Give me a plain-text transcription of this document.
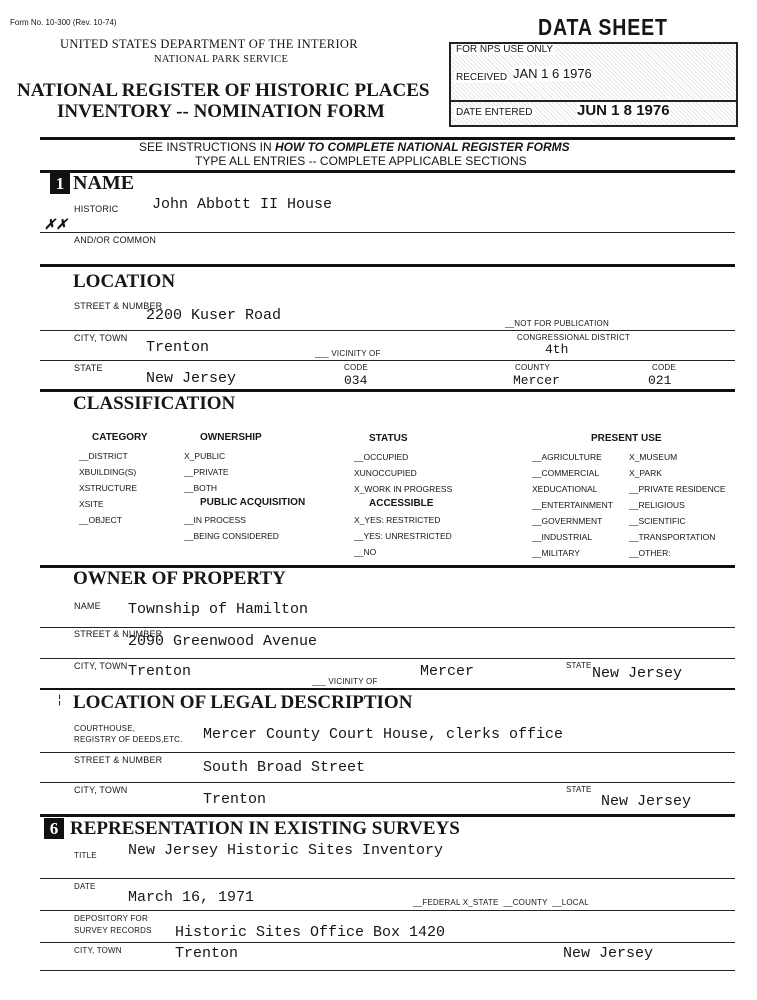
Form No. 10-300 (Rev. 10-74)	DATA SHEET
UNITED STATES DEPARTMENT OF THE INTERIOR
NATIONAL PARK SERVICE
NATIONAL REGISTER OF HISTORIC PLACES
INVENTORY -- NOMINATION FORM
FOR NPS USE ONLY
RECEIVED JAN 1 6 1976
DATE ENTERED	JUN 1 8 1976
SEE INSTRUCTIONS IN HOW TO COMPLETE NATIONAL REGISTER FORMS
TYPE ALL ENTRIES -- COMPLETE APPLICABLE SECTIONS
1 NAME
HISTORIC John Abbott II House
✗✗
AND/OR COMMON
LOCATION
STREET & NUMBER
2200 Kuser Road	__NOT FOR PUBLICATION
CITY, TOWN
Trenton	___ VICINITY OF
CONGRESSIONAL DISTRICT
4th
STATE
New Jersey
CODE
034
COUNTY
Mercer
CODE
021
CLASSIFICATION
CATEGORY
__DISTRICT
XBUILDING(S)
XSTRUCTURE
XSITE
__OBJECT
OWNERSHIP
X_PUBLIC
__PRIVATE
__BOTH
PUBLIC ACQUISITION
__IN PROCESS
__BEING CONSIDERED
STATUS
__OCCUPIED
XUNOCCUPIED
X_WORK IN PROGRESS
ACCESSIBLE
X_YES: RESTRICTED
__YES: UNRESTRICTED
__NO
PRESENT USE
__AGRICULTURE
__COMMERCIAL
XEDUCATIONAL
__ENTERTAINMENT
__GOVERNMENT
__INDUSTRIAL
__MILITARY
X_MUSEUM
X_PARK
__PRIVATE RESIDENCE
__RELIGIOUS
__SCIENTIFIC
__TRANSPORTATION
__OTHER:
OWNER OF PROPERTY
NAME Township of Hamilton
STREET & NUMBER
2090 Greenwood Avenue
CITY, TOWN Trenton
___ VICINITY OF
Mercer	STATE New Jersey
¦ LOCATION OF LEGAL DESCRIPTION
COURTHOUSE,
REGISTRY OF DEEDS,ETC. Mercer County Court House, clerks office
STREET & NUMBER	South Broad Street
CITY, TOWN
Trenton
STATE
New Jersey
6 REPRESENTATION IN EXISTING SURVEYS
TITLE New Jersey Historic Sites Inventory
DATE
March 16, 1971	__FEDERAL X_STATE __COUNTY __LOCAL
DEPOSITORY FOR
SURVEY RECORDS Historic Sites Office Box 1420
CITY, TOWN	Trenton	New Jersey
